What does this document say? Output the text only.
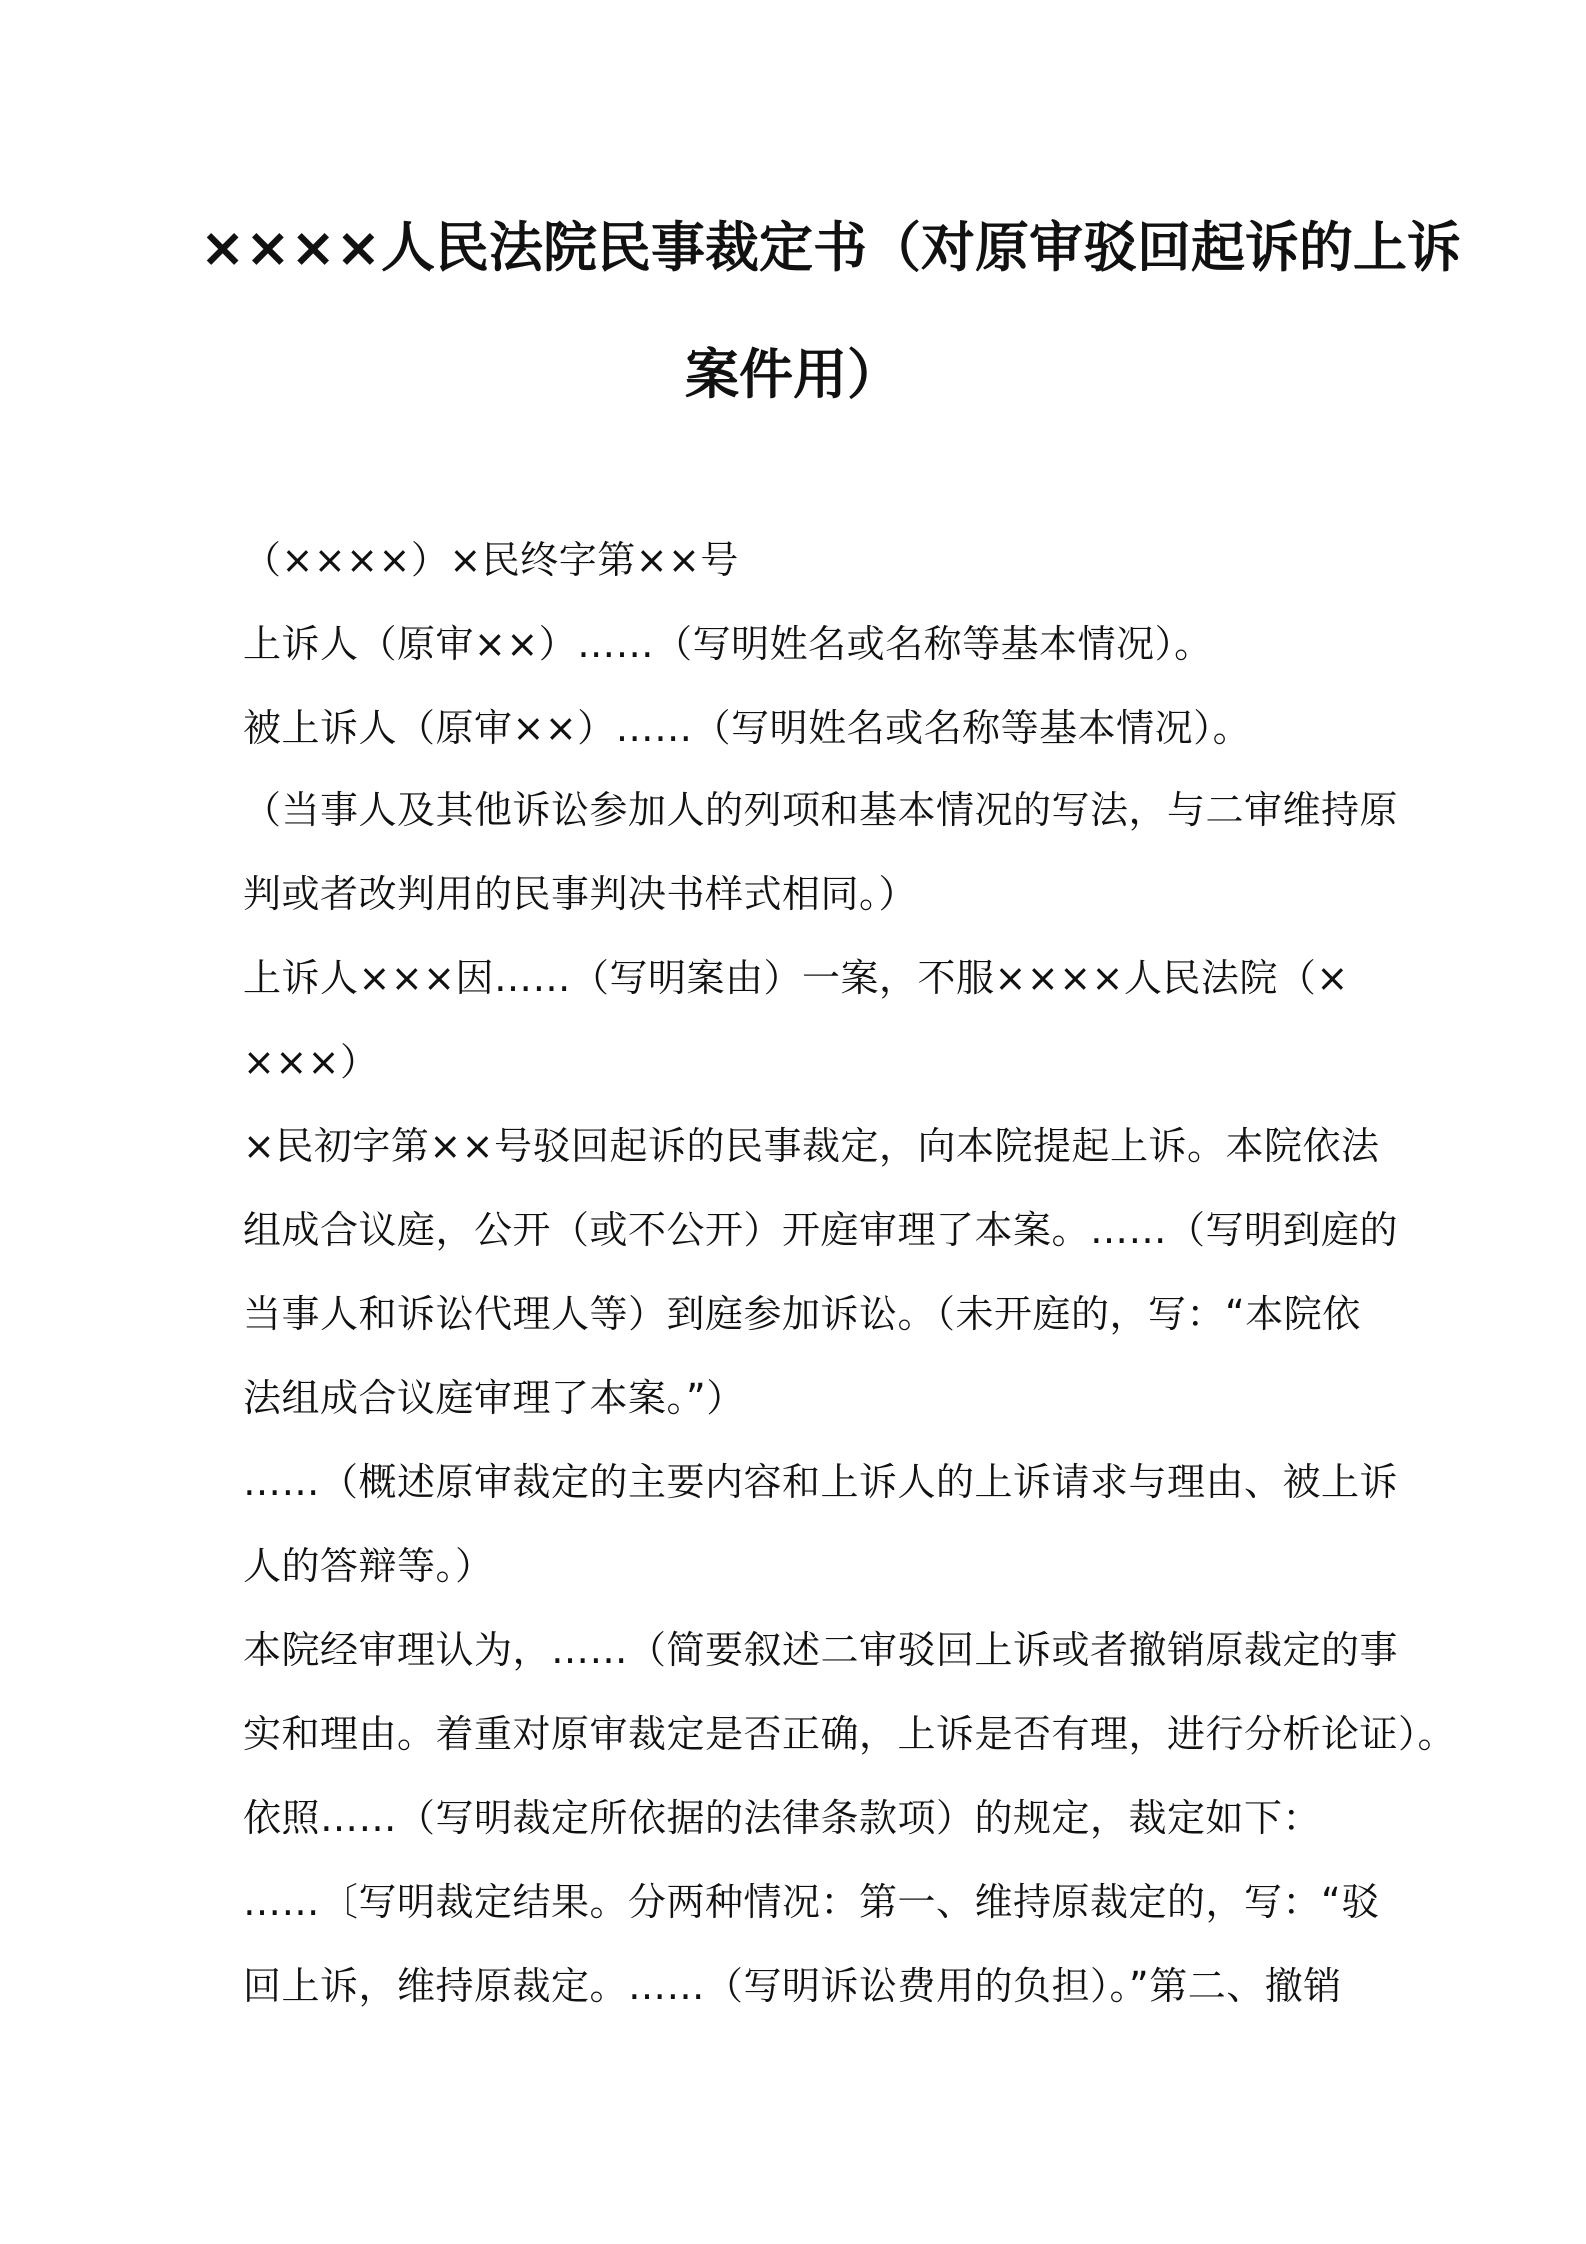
××××人民法院民事裁定书（对原审驳回起诉的上诉
案件用）
（××××）×民终字第××号
上诉人（原审××）……（写明姓名或名称等基本情况）。
被上诉人（原审××）……（写明姓名或名称等基本情况）。
（当事人及其他诉讼参加人的列项和基本情况的写法，与二审维持原
判或者改判用的民事判决书样式相同。）
上诉人×××因……（写明案由）一案，不服××××人民法院（×
×××）
×民初字第××号驳回起诉的民事裁定，向本院提起上诉。本院依法
组成合议庭，公开（或不公开）开庭审理了本案。……（写明到庭的
当事人和诉讼代理人等）到庭参加诉讼。（未开庭的，写：“本院依
法组成合议庭审理了本案。”）
……（概述原审裁定的主要内容和上诉人的上诉请求与理由、被上诉
人的答辩等。）
本院经审理认为，……（简要叙述二审驳回上诉或者撤销原裁定的事
实和理由。着重对原审裁定是否正确，上诉是否有理，进行分析论证）。
依照……（写明裁定所依据的法律条款项）的规定，裁定如下：
……〔写明裁定结果。分两种情况：第一、维持原裁定的，写：“驳
回上诉，维持原裁定。……（写明诉讼费用的负担）。”第二、撤销
